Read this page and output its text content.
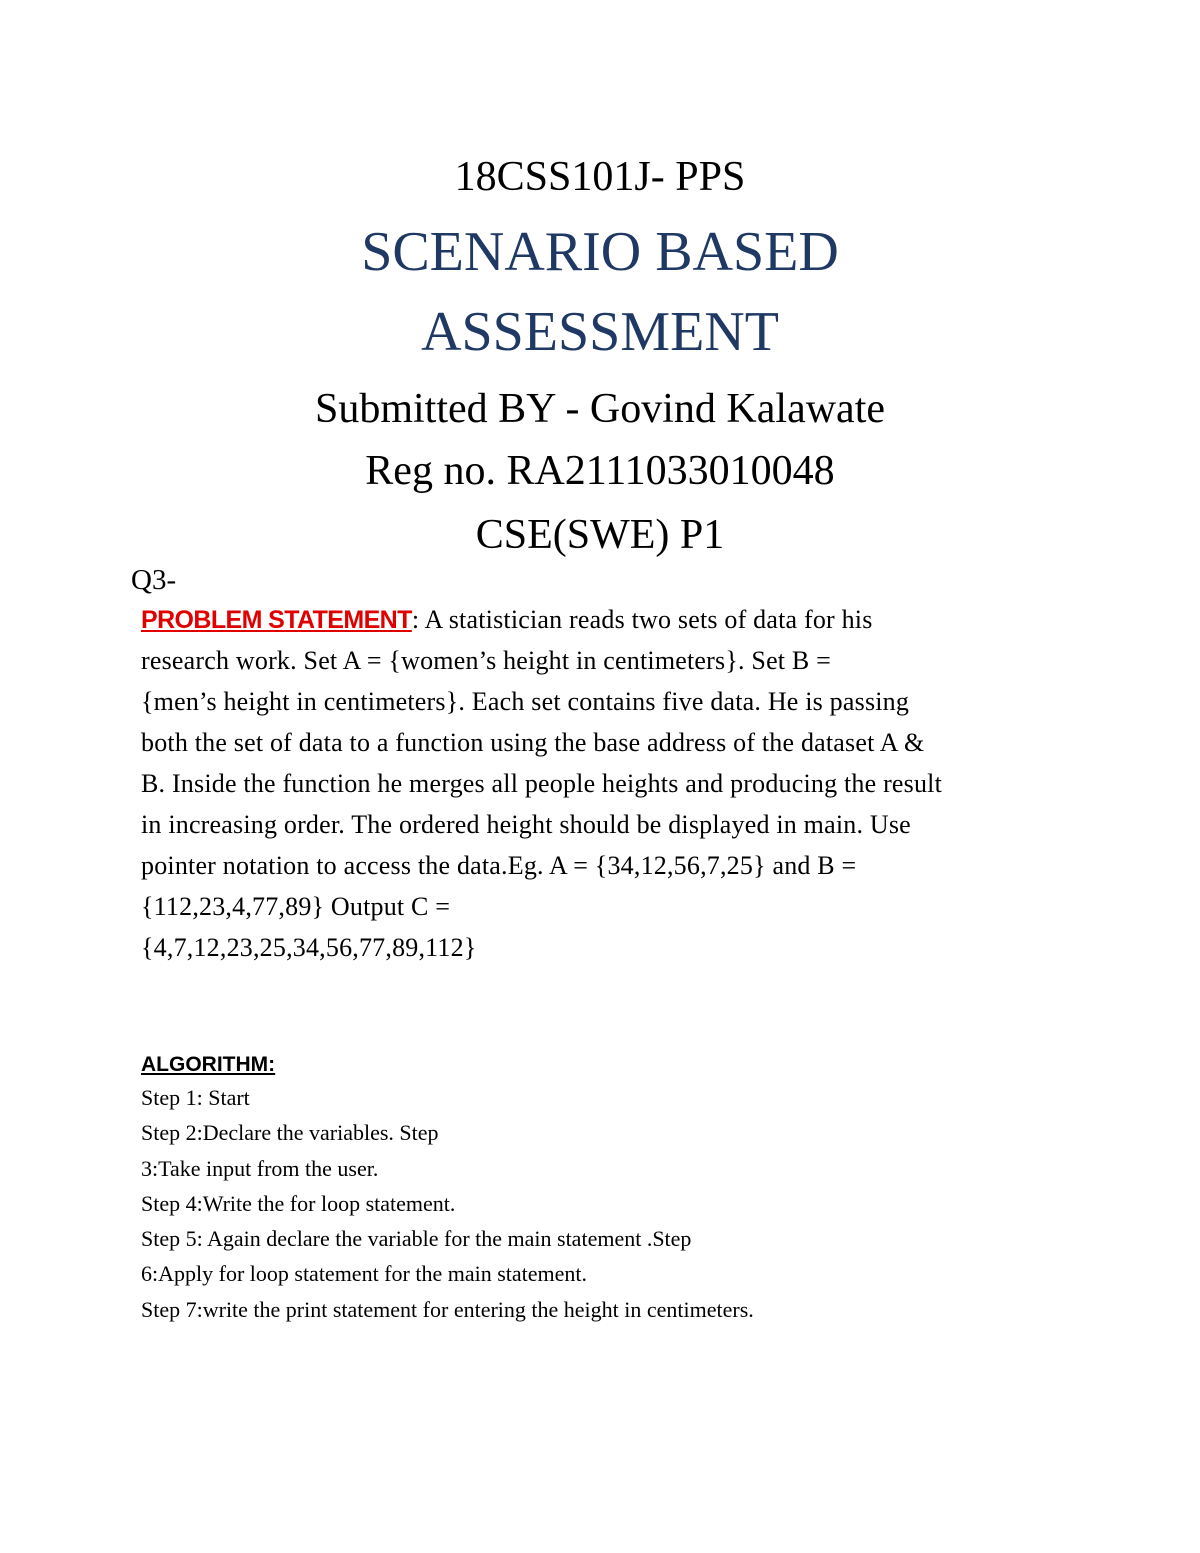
18CSS101J- PPS
SCENARIO BASED
ASSESSMENT
Submitted BY - Govind Kalawate
Reg no. RA2111033010048
CSE(SWE) P1
Q3-
PROBLEM STATEMENT: A statistician reads two sets of data for his
research work. Set A = {women’s height in centimeters}. Set B =
{men’s height in centimeters}. Each set contains five data. He is passing
both the set of data to a function using the base address of the dataset A &
B. Inside the function he merges all people heights and producing the result
in increasing order. The ordered height should be displayed in main. Use
pointer notation to access the data.Eg. A = {34,12,56,7,25} and B =
{112,23,4,77,89} Output C =
{4,7,12,23,25,34,56,77,89,112}
ALGORITHM:
Step 1: Start
Step 2:Declare the variables. Step
3:Take input from the user.
Step 4:Write the for loop statement.
Step 5: Again declare the variable for the main statement .Step
6:Apply for loop statement for the main statement.
Step 7:write the print statement for entering the height in centimeters.
